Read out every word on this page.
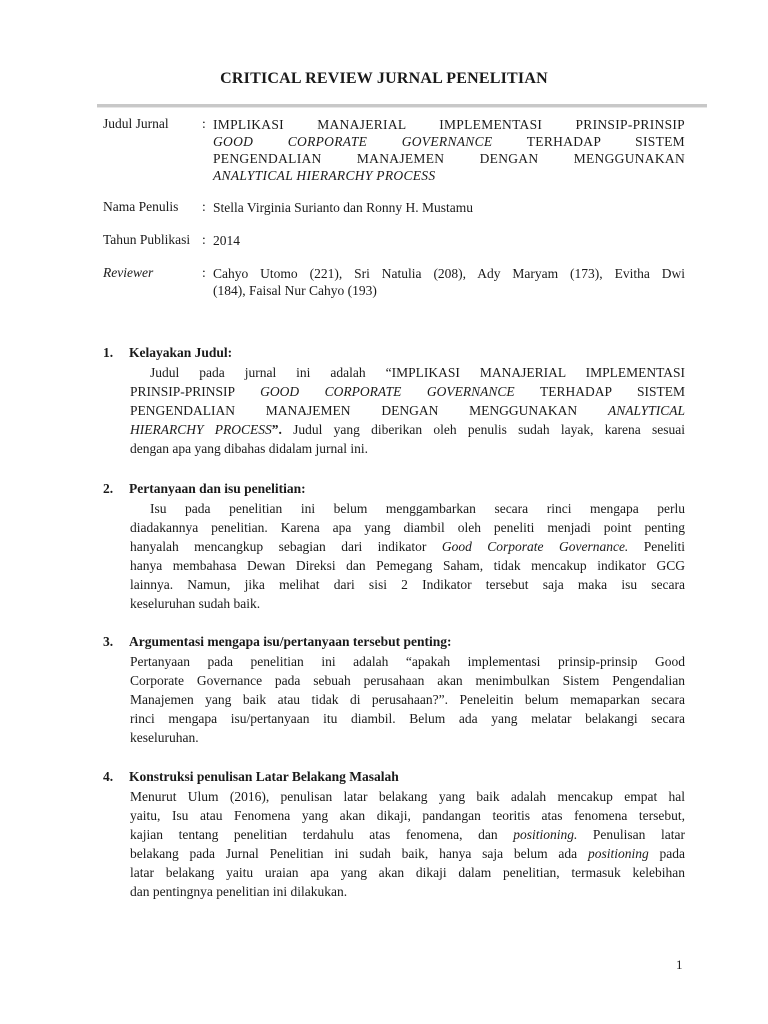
CRITICAL REVIEW JURNAL PENELITIAN
Judul Jurnal	: IMPLIKASI MANAJERIAL IMPLEMENTASI PRINSIP-PRINSIP
GOOD CORPORATE GOVERNANCE TERHADAP SISTEM
PENGENDALIAN MANAJEMEN DENGAN MENGGUNAKAN
ANALYTICAL HIERARCHY PROCESS
Nama Penulis	: Stella Virginia Surianto dan Ronny H. Mustamu
Tahun Publikasi : 2014
Reviewer	: Cahyo Utomo (221), Sri Natulia (208), Ady Maryam (173), Evitha Dwi
(184), Faisal Nur Cahyo (193)
1. Kelayakan Judul:
Judul pada jurnal ini adalah “IMPLIKASI MANAJERIAL IMPLEMENTASI
PRINSIP-PRINSIP GOOD CORPORATE GOVERNANCE TERHADAP SISTEM
PENGENDALIAN MANAJEMEN DENGAN MENGGUNAKAN ANALYTICAL
HIERARCHY PROCESS”. Judul yang diberikan oleh penulis sudah layak, karena sesuai
dengan apa yang dibahas didalam jurnal ini.
2. Pertanyaan dan isu penelitian:
Isu pada penelitian ini belum menggambarkan secara rinci mengapa perlu
diadakannya penelitian. Karena apa yang diambil oleh peneliti menjadi point penting
hanyalah mencangkup sebagian dari indikator Good Corporate Governance. Peneliti
hanya membahasa Dewan Direksi dan Pemegang Saham, tidak mencakup indikator GCG
lainnya. Namun, jika melihat dari sisi 2 Indikator tersebut saja maka isu secara
keseluruhan sudah baik.
3. Argumentasi mengapa isu/pertanyaan tersebut penting:
Pertanyaan pada penelitian ini adalah “apakah implementasi prinsip-prinsip Good
Corporate Governance pada sebuah perusahaan akan menimbulkan Sistem Pengendalian
Manajemen yang baik atau tidak di perusahaan?”. Peneleitin belum memaparkan secara
rinci mengapa isu/pertanyaan itu diambil. Belum ada yang melatar belakangi secara
keseluruhan.
4. Konstruksi penulisan Latar Belakang Masalah
Menurut Ulum (2016), penulisan latar belakang yang baik adalah mencakup empat hal
yaitu, Isu atau Fenomena yang akan dikaji, pandangan teoritis atas fenomena tersebut,
kajian tentang penelitian terdahulu atas fenomena, dan positioning. Penulisan latar
belakang pada Jurnal Penelitian ini sudah baik, hanya saja belum ada positioning pada
latar belakang yaitu uraian apa yang akan dikaji dalam penelitian, termasuk kelebihan
dan pentingnya penelitian ini dilakukan.
1
